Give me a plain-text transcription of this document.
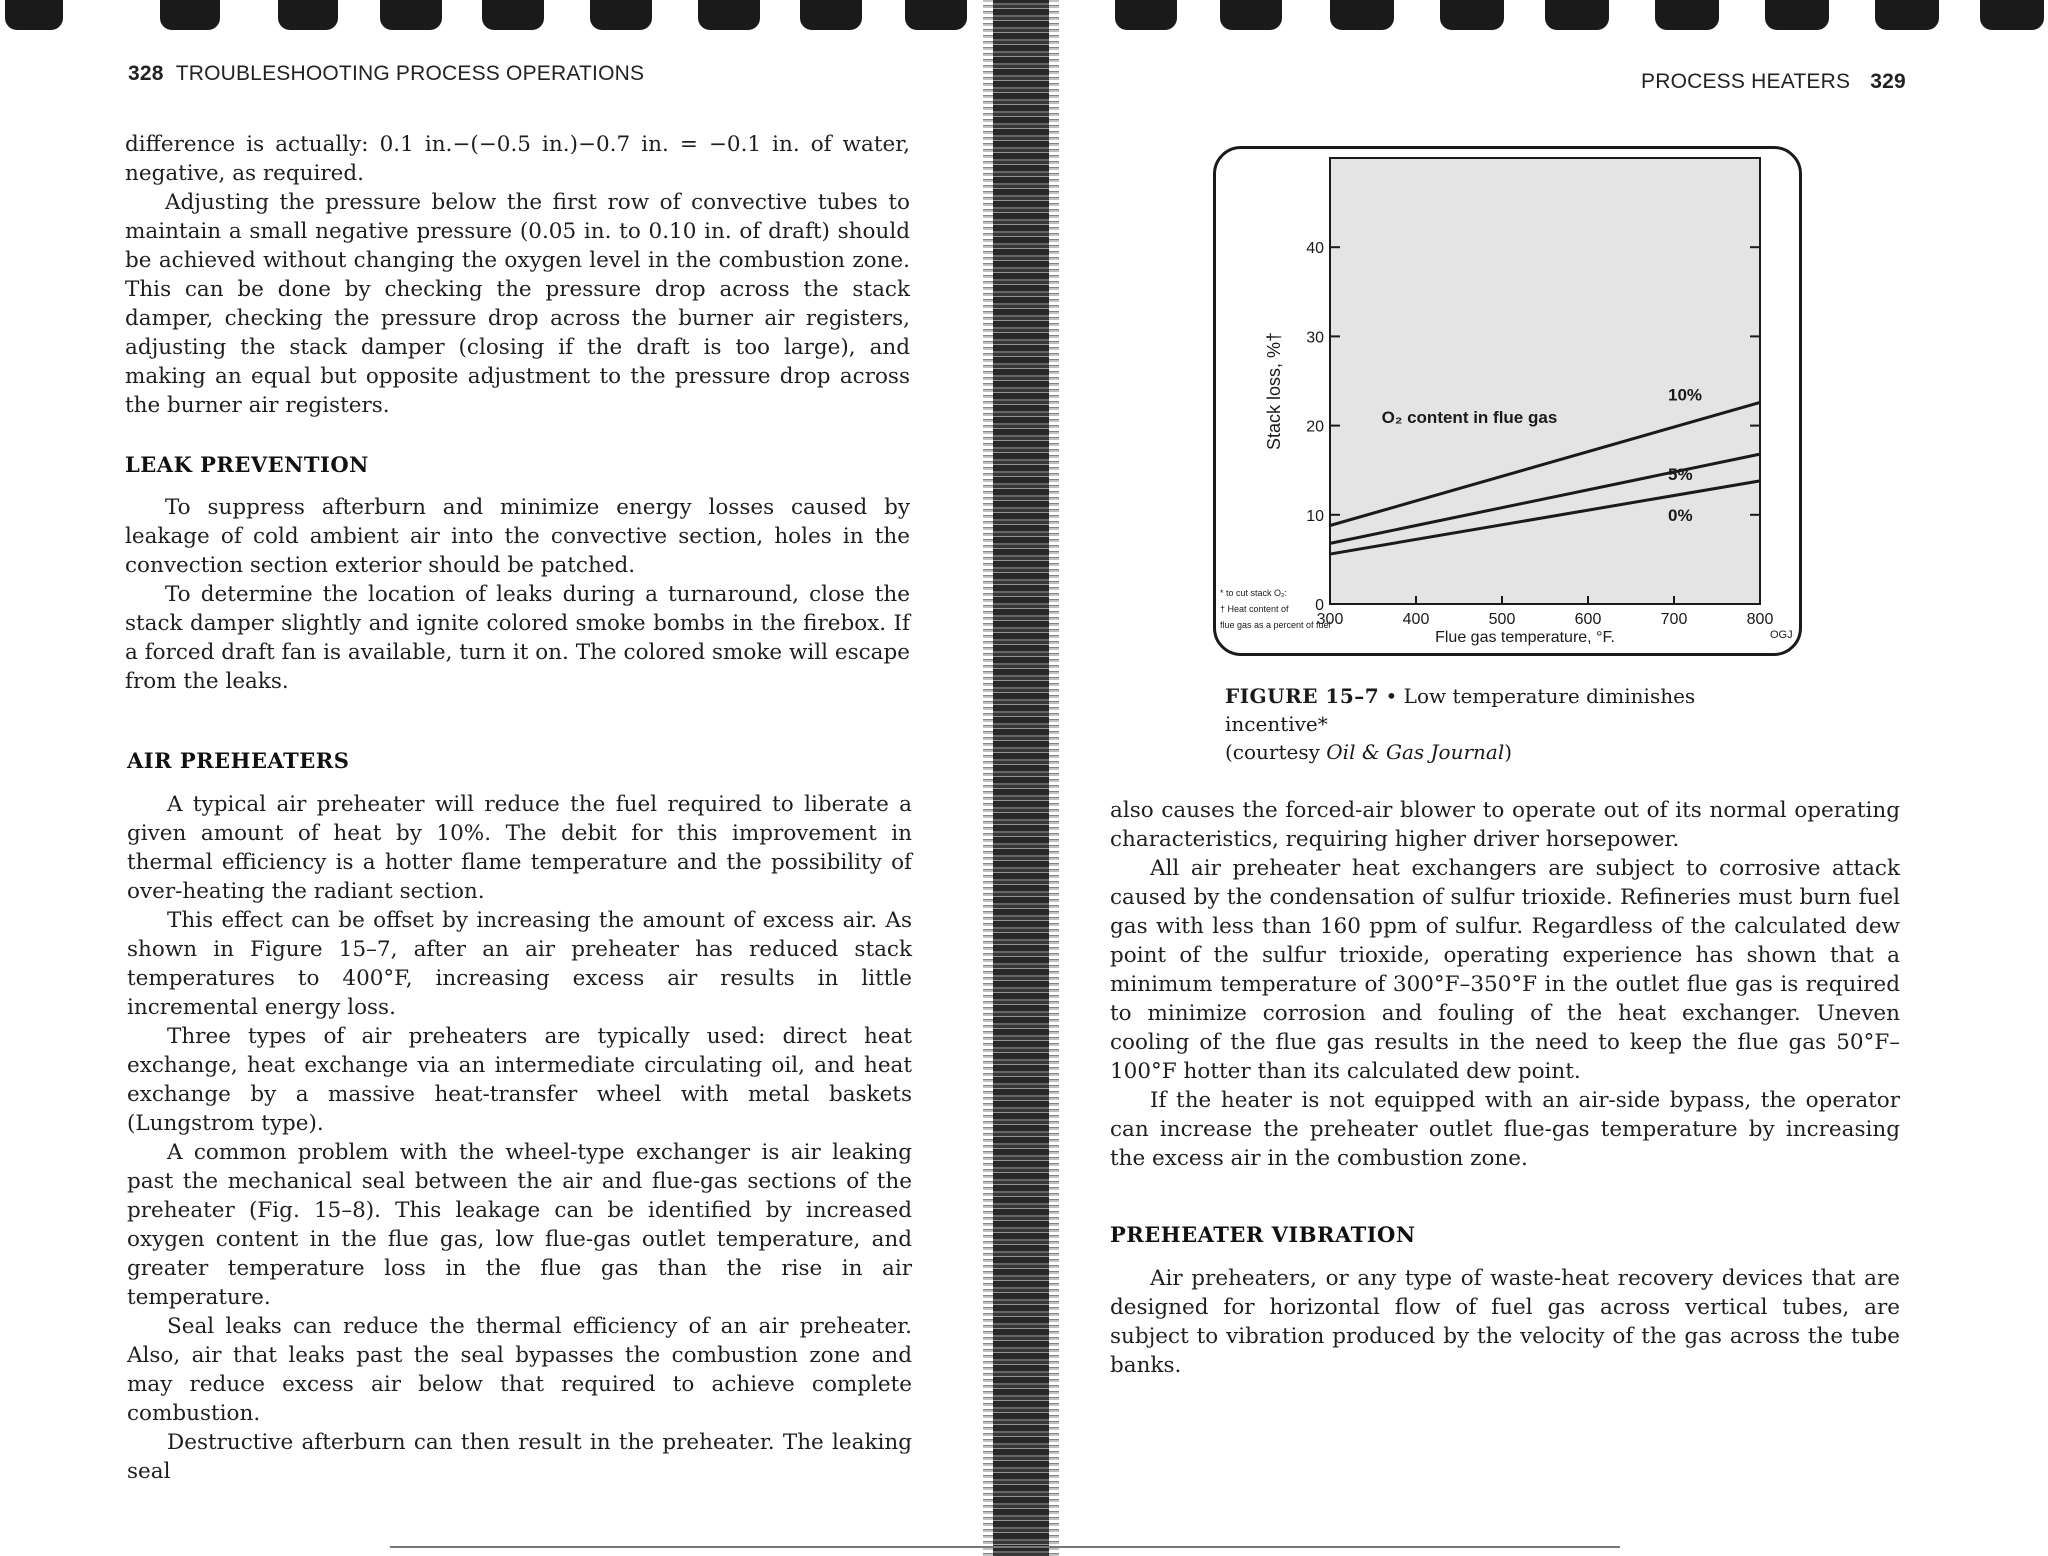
328 TROUBLESHOOTING PROCESS OPERATIONS

difference is actually: 0.1 in.−(−0.5 in.)−0.7 in. = −0.1 in. of water, negative, as required.

Adjusting the pressure below the first row of convective tubes to maintain a small negative pressure (0.05 in. to 0.10 in. of draft) should be achieved without changing the oxygen level in the combustion zone. This can be done by checking the pressure drop across the stack damper, checking the pressure drop across the burner air registers, adjusting the stack damper (closing if the draft is too large), and making an equal but opposite adjustment to the pressure drop across the burner air registers.

LEAK PREVENTION

To suppress afterburn and minimize energy losses caused by leakage of cold ambient air into the convective section, holes in the convection section exterior should be patched.

To determine the location of leaks during a turnaround, close the stack damper slightly and ignite colored smoke bombs in the firebox. If a forced draft fan is available, turn it on. The colored smoke will escape from the leaks.

AIR PREHEATERS

A typical air preheater will reduce the fuel required to liberate a given amount of heat by 10%. The debit for this improvement in thermal efficiency is a hotter flame temperature and the possibility of over-heating the radiant section.

This effect can be offset by increasing the amount of excess air. As shown in Figure 15–7, after an air preheater has reduced stack temperatures to 400°F, increasing excess air results in little incremental energy loss.

Three types of air preheaters are typically used: direct heat exchange, heat exchange via an intermediate circulating oil, and heat exchange by a massive heat-transfer wheel with metal baskets (Lungstrom type).

A common problem with the wheel-type exchanger is air leaking past the mechanical seal between the air and flue-gas sections of the preheater (Fig. 15–8). This leakage can be identified by increased oxygen content in the flue gas, low flue-gas outlet temperature, and greater temperature loss in the flue gas than the rise in air temperature.

Seal leaks can reduce the thermal efficiency of an air preheater. Also, air that leaks past the seal bypasses the combustion zone and may reduce excess air below that required to achieve complete combustion.

Destructive afterburn can then result in the preheater. The leaking seal

PROCESS HEATERS 329
0
10
20
30
40
300	400	500	600	700	800
10%
5%
0%
Stack loss, %†
Flue gas temperature, °F.
O₂ content in flue gas
* to cut stack O₂:
† Heat content of
flue gas as a percent of fuel
OGJ
FIGURE 15–7 • Low temperature diminishes incentive*
(courtesy Oil & Gas Journal)

also causes the forced-air blower to operate out of its normal operating characteristics, requiring higher driver horsepower.

All air preheater heat exchangers are subject to corrosive attack caused by the condensation of sulfur trioxide. Refineries must burn fuel gas with less than 160 ppm of sulfur. Regardless of the calculated dew point of the sulfur trioxide, operating experience has shown that a minimum temperature of 300°F–350°F in the outlet flue gas is required to minimize corrosion and fouling of the heat exchanger. Uneven cooling of the flue gas results in the need to keep the flue gas 50°F–100°F hotter than its calculated dew point.

If the heater is not equipped with an air-side bypass, the operator can increase the preheater outlet flue-gas temperature by increasing the excess air in the combustion zone.

PREHEATER VIBRATION

Air preheaters, or any type of waste-heat recovery devices that are designed for horizontal flow of fuel gas across vertical tubes, are subject to vibration produced by the velocity of the gas across the tube banks.
